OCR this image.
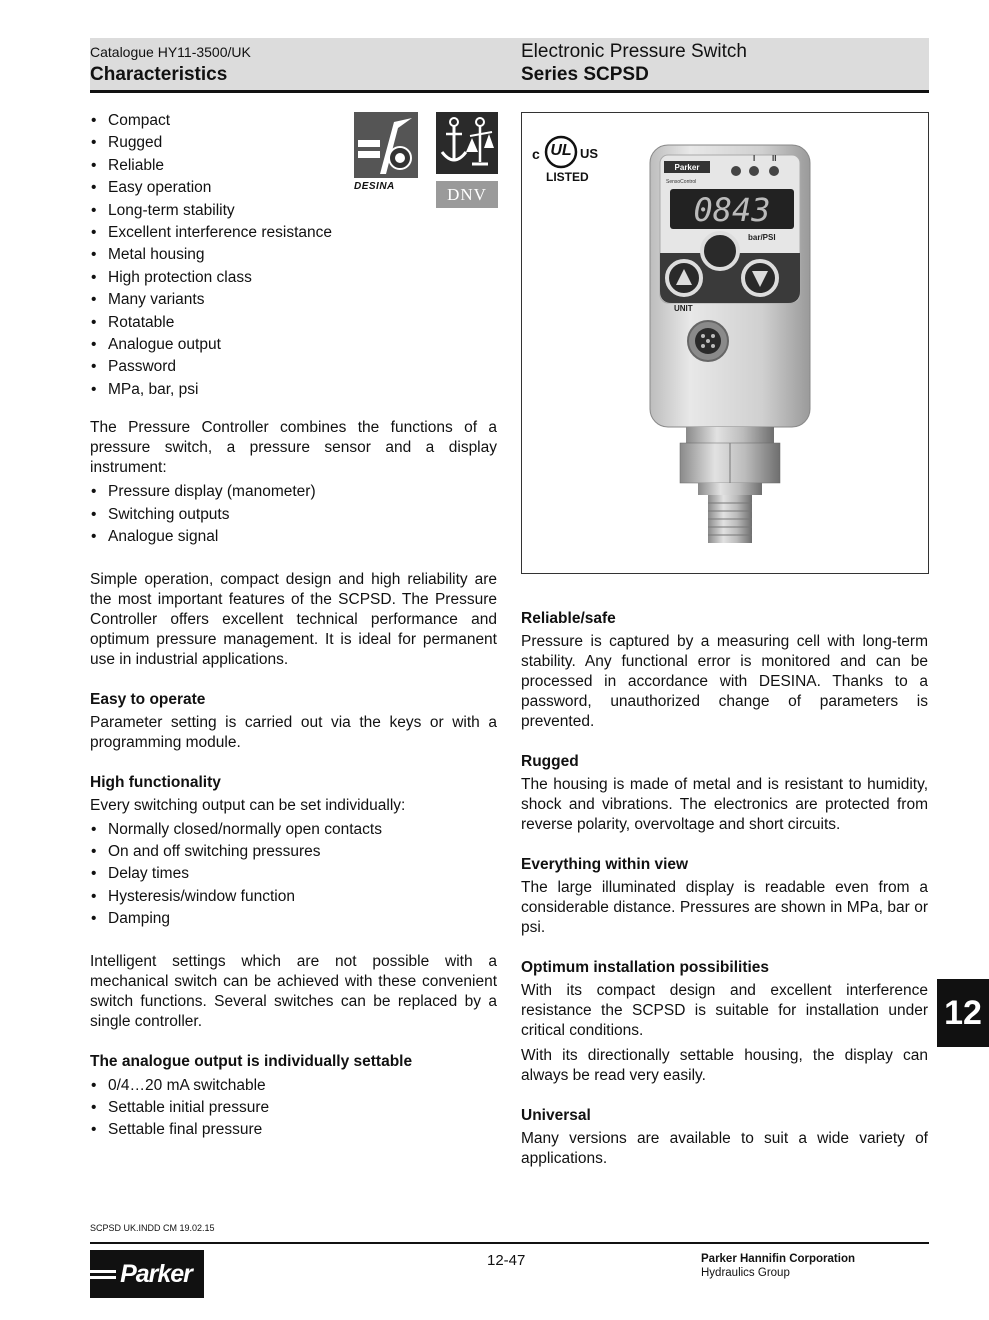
Catalogue HY11-3500/UK
Characteristics
Electronic Pressure Switch
Series SCPSD
DESINA	DNV
• Compact
• Rugged
• Reliable
• Easy operation
• Long-term stability
• Excellent interference resistance
• Metal housing
• High protection class
• Many variants
• Rotatable
• Analogue output
• Password
• MPa, bar, psi

The Pressure Controller combines the functions of a pressure switch, a pressure sensor and a display instrument:

• Pressure display (manometer)
• Switching outputs
• Analogue signal

Simple operation, compact design and high reliability are the most important features of the SCPSD. The Pressure Controller offers excellent technical performance and optimum pressure management. It is ideal for permanent use in industrial applications.

Easy to operate

Parameter setting is carried out via the keys or with a programming module.

High functionality

Every switching output can be set individually:

• Normally closed/normally open contacts
• On and off switching pressures
• Delay times
• Hysteresis/window function
• Damping

Intelligent settings which are not possible with a mechanical switch can be achieved with these convenient switch functions. Several switches can be replaced by a single controller.

The analogue output is individually settable
• 0/4…20 mA switchable
• Settable initial pressure
• Settable final pressure
c UL US
LISTED
Parker
SensoControl
I II
0843
bar/PSI
UNIT
Reliable/safe

Pressure is captured by a measuring cell with long-term stability. Any functional error is monitored and can be processed in accordance with DESINA. Thanks to a password, unauthorized change of parameters is prevented.

Rugged

The housing is made of metal and is resistant to humidity, shock and vibrations. The electronics are protected from reverse polarity, overvoltage and short circuits.

Everything within view

The large illuminated display is readable even from a considerable distance. Pressures are shown in MPa, bar or psi.

Optimum installation possibilities

With its compact design and excellent interference resistance the SCPSD is suitable for installation under critical conditions.

With its directionally settable housing, the display can always be read very easily.

Universal

Many versions are available to suit a wide variety of applications.

12
SCPSD UK.INDD CM 19.02.15
Parker	12-47	Parker Hannifin Corporation
Hydraulics Group
